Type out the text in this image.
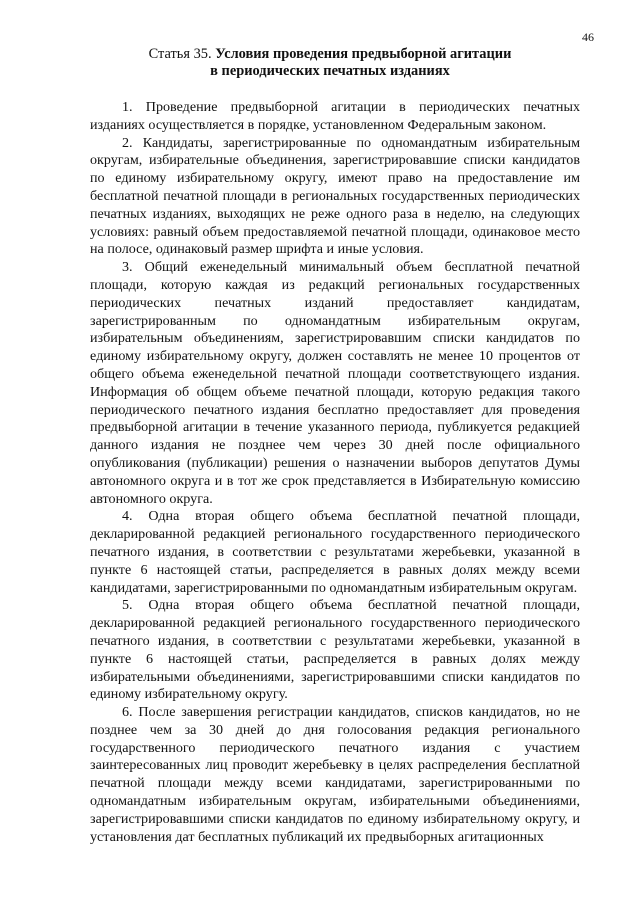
46
Статья 35. Условия проведения предвыборной агитации
в периодических печатных изданиях

1. Проведение предвыборной агитации в периодических печатных изданиях осуществляется в порядке, установленном Федеральным законом.

2. Кандидаты, зарегистрированные по одномандатным избирательным округам, избирательные объединения, зарегистрировавшие списки кандидатов по единому избирательному округу, имеют право на предоставление им бесплатной печатной площади в региональных государственных периодических печатных изданиях, выходящих не реже одного раза в неделю, на следующих условиях: равный объем предоставляемой печатной площади, одинаковое место на полосе, одинаковый размер шрифта и иные условия.

3. Общий еженедельный минимальный объем бесплатной печатной площади, которую каждая из редакций региональных государственных периодических печатных изданий предоставляет кандидатам, зарегистрированным по одномандатным избирательным округам, избирательным объединениям, зарегистрировавшим списки кандидатов по единому избирательному округу, должен составлять не менее 10 процентов от общего объема еженедельной печатной площади соответствующего издания. Информация об общем объеме печатной площади, которую редакция такого периодического печатного издания бесплатно предоставляет для проведения предвыборной агитации в течение указанного периода, публикуется редакцией данного издания не позднее чем через 30 дней после официального опубликования (публикации) решения о назначении выборов депутатов Думы автономного округа и в тот же срок представляется в Избирательную комиссию автономного округа.

4. Одна вторая общего объема бесплатной печатной площади, декларированной редакцией регионального государственного периодического печатного издания, в соответствии с результатами жеребьевки, указанной в пункте 6 настоящей статьи, распределяется в равных долях между всеми кандидатами, зарегистрированными по одномандатным избирательным округам.

5. Одна вторая общего объема бесплатной печатной площади, декларированной редакцией регионального государственного периодического печатного издания, в соответствии с результатами жеребьевки, указанной в пункте 6 настоящей статьи, распределяется в равных долях между избирательными объединениями, зарегистрировавшими списки кандидатов по единому избирательному округу.

6. После завершения регистрации кандидатов, списков кандидатов, но не позднее чем за 30 дней до дня голосования редакция регионального государственного периодического печатного издания с участием заинтересованных лиц проводит жеребьевку в целях распределения бесплатной печатной площади между всеми кандидатами, зарегистрированными по одномандатным избирательным округам, избирательными объединениями, зарегистрировавшими списки кандидатов по единому избирательному округу, и установления дат бесплатных публикаций их предвыборных агитационных
